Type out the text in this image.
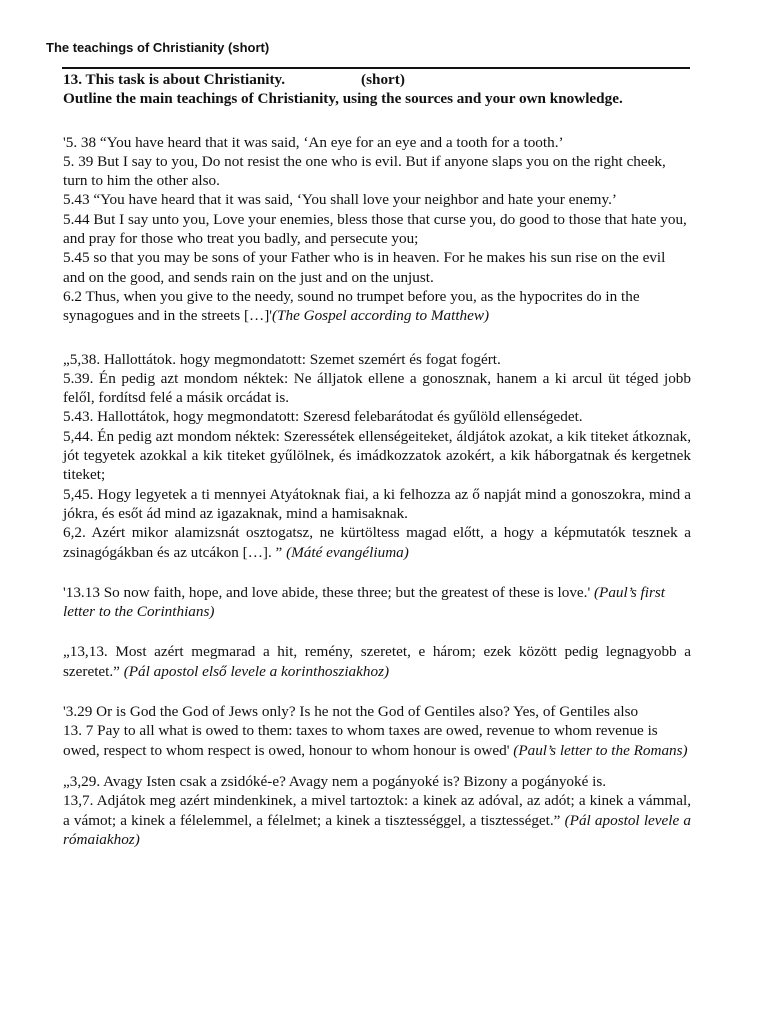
The teachings of Christianity (short)
13. This task is about Christianity.	(short)
Outline the main teachings of Christianity, using the sources and your own knowledge.

'5. 38 “You have heard that it was said, ‘An eye for an eye and a tooth for a tooth.’

5. 39 But I say to you, Do not resist the one who is evil. But if anyone slaps you on the right cheek, turn to him the other also.

5.43 “You have heard that it was said, ‘You shall love your neighbor and hate your enemy.’

5.44 But I say unto you, Love your enemies, bless those that curse you, do good to those that hate you, and pray for those who treat you badly, and persecute you;

5.45 so that you may be sons of your Father who is in heaven. For he makes his sun rise on the evil and on the good, and sends rain on the just and on the unjust.

6.2 Thus, when you give to the needy, sound no trumpet before you, as the hypocrites do in the synagogues and in the streets […]'(The Gospel according to Matthew)

„5,38. Hallottátok. hogy megmondatott: Szemet szemért és fogat fogért.

5.39. Én pedig azt mondom néktek: Ne álljatok ellene a gonosznak, hanem a ki arcul üt téged jobb felől, fordítsd felé a másik orcádat is.

5.43. Hallottátok, hogy megmondatott: Szeresd felebarátodat és gyűlöld ellenségedet.

5,44. Én pedig azt mondom néktek: Szeressétek ellenségeiteket, áldjátok azokat, a kik titeket átkoznak, jót tegyetek azokkal a kik titeket gyűlölnek, és imádkozzatok azokért, a kik háborgatnak és kergetnek titeket;

5,45. Hogy legyetek a ti mennyei Atyátoknak fiai, a ki felhozza az ő napját mind a gonoszokra, mind a jókra, és esőt ád mind az igazaknak, mind a hamisaknak.

6,2. Azért mikor alamizsnát osztogatsz, ne kürtöltess magad előtt, a hogy a képmutatók tesznek a zsinagógákban és az utcákon […]. ” (Máté evangéliuma)

'13.13 So now faith, hope, and love abide, these three; but the greatest of these is love.' (Paul’s first letter to the Corinthians)

„13,13. Most azért megmarad a hit, remény, szeretet, e három; ezek között pedig legnagyobb a szeretet.” (Pál apostol első levele a korinthosziakhoz)

'3.29 Or is God the God of Jews only? Is he not the God of Gentiles also? Yes, of Gentiles also

13. 7 Pay to all what is owed to them: taxes to whom taxes are owed, revenue to whom revenue is owed, respect to whom respect is owed, honour to whom honour is owed' (Paul’s letter to the Romans)

„3,29. Avagy Isten csak a zsidóké-e? Avagy nem a pogányoké is? Bizony a pogányoké is.

13,7. Adjátok meg azért mindenkinek, a mivel tartoztok: a kinek az adóval, az adót; a kinek a vámmal, a vámot; a kinek a félelemmel, a félelmet; a kinek a tisztességgel, a tisztességet.” (Pál apostol levele a rómaiakhoz)
